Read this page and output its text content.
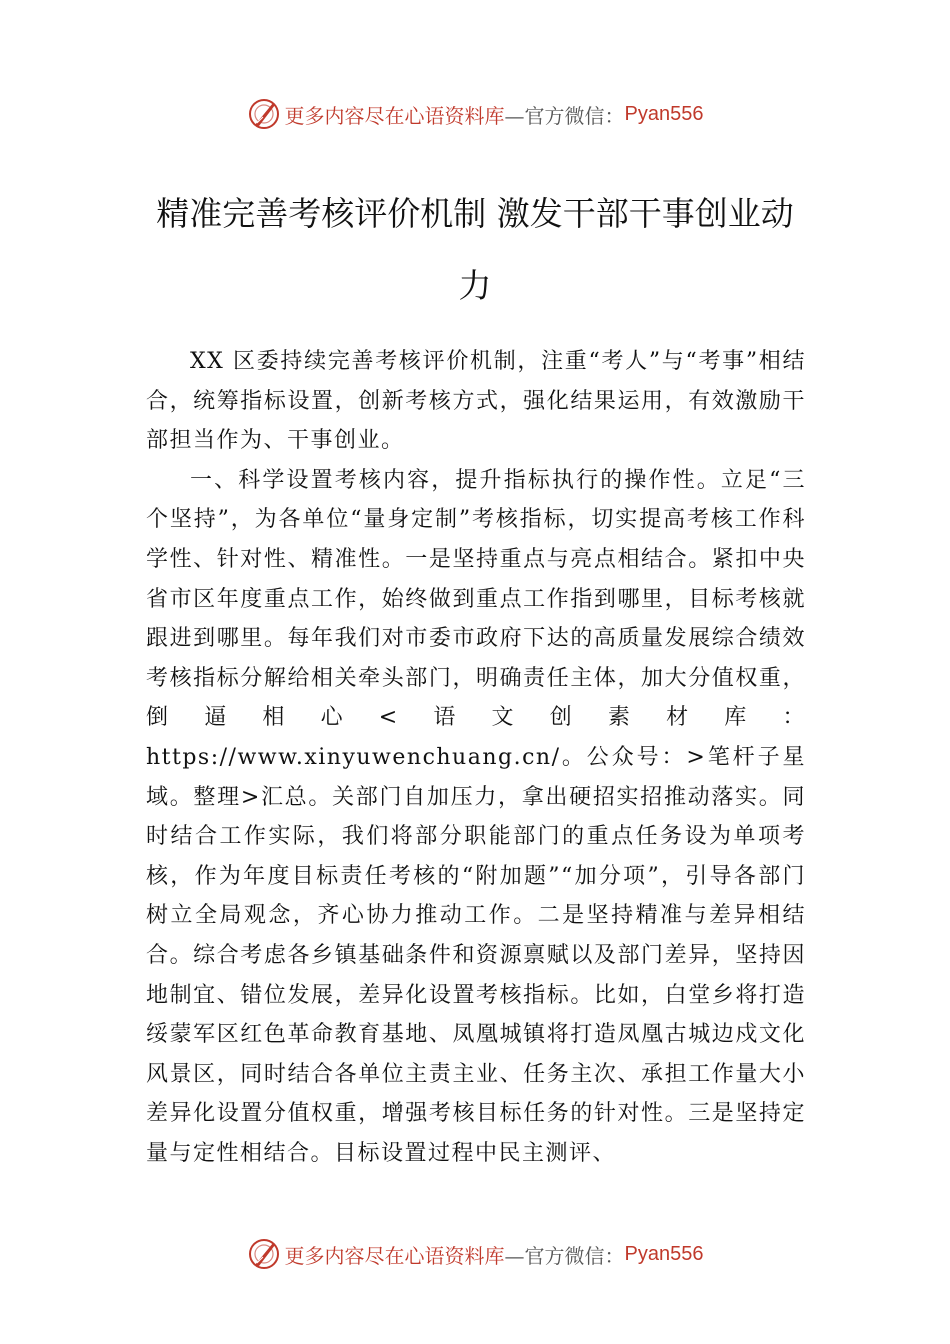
更多内容尽在心语资料库 —官方微信： Pyan556
精准完善考核评价机制 激发干部干事创业动力

XX 区委持续完善考核评价机制，注重“考人”与“考事”相结合，统筹指标设置，创新考核方式，强化结果运用，有效激励干部担当作为、干事创业。

一、科学设置考核内容，提升指标执行的操作性。立足“三个坚持”，为各单位“量身定制”考核指标，切实提高考核工作科学性、针对性、精准性。一是坚持重点与亮点相结合。紧扣中央省市区年度重点工作，始终做到重点工作指到哪里，目标考核就跟进到哪里。每年我们对市委市政府下达的高质量发展综合绩效考核指标分解给相关牵头部门，明确责任主体，加大分值权重，倒逼相心<语文创素材库：https://www.xinyuwenchuang.cn/。公众号：>笔杆子星域。整理>汇总。关部门自加压力，拿出硬招实招推动落实。同时结合工作实际，我们将部分职能部门的重点任务设为单项考核，作为年度目标责任考核的“附加题”“加分项”，引导各部门树立全局观念，齐心协力推动工作。二是坚持精准与差异相结合。综合考虑各乡镇基础条件和资源禀赋以及部门差异，坚持因地制宜、错位发展，差异化设置考核指标。比如，白堂乡将打造绥蒙军区红色革命教育基地、凤凰城镇将打造凤凰古城边戍文化风景区，同时结合各单位主责主业、任务主次、承担工作量大小差异化设置分值权重，增强考核目标任务的针对性。三是坚持定量与定性相结合。目标设置过程中民主测评、

更多内容尽在心语资料库 —官方微信： Pyan556
